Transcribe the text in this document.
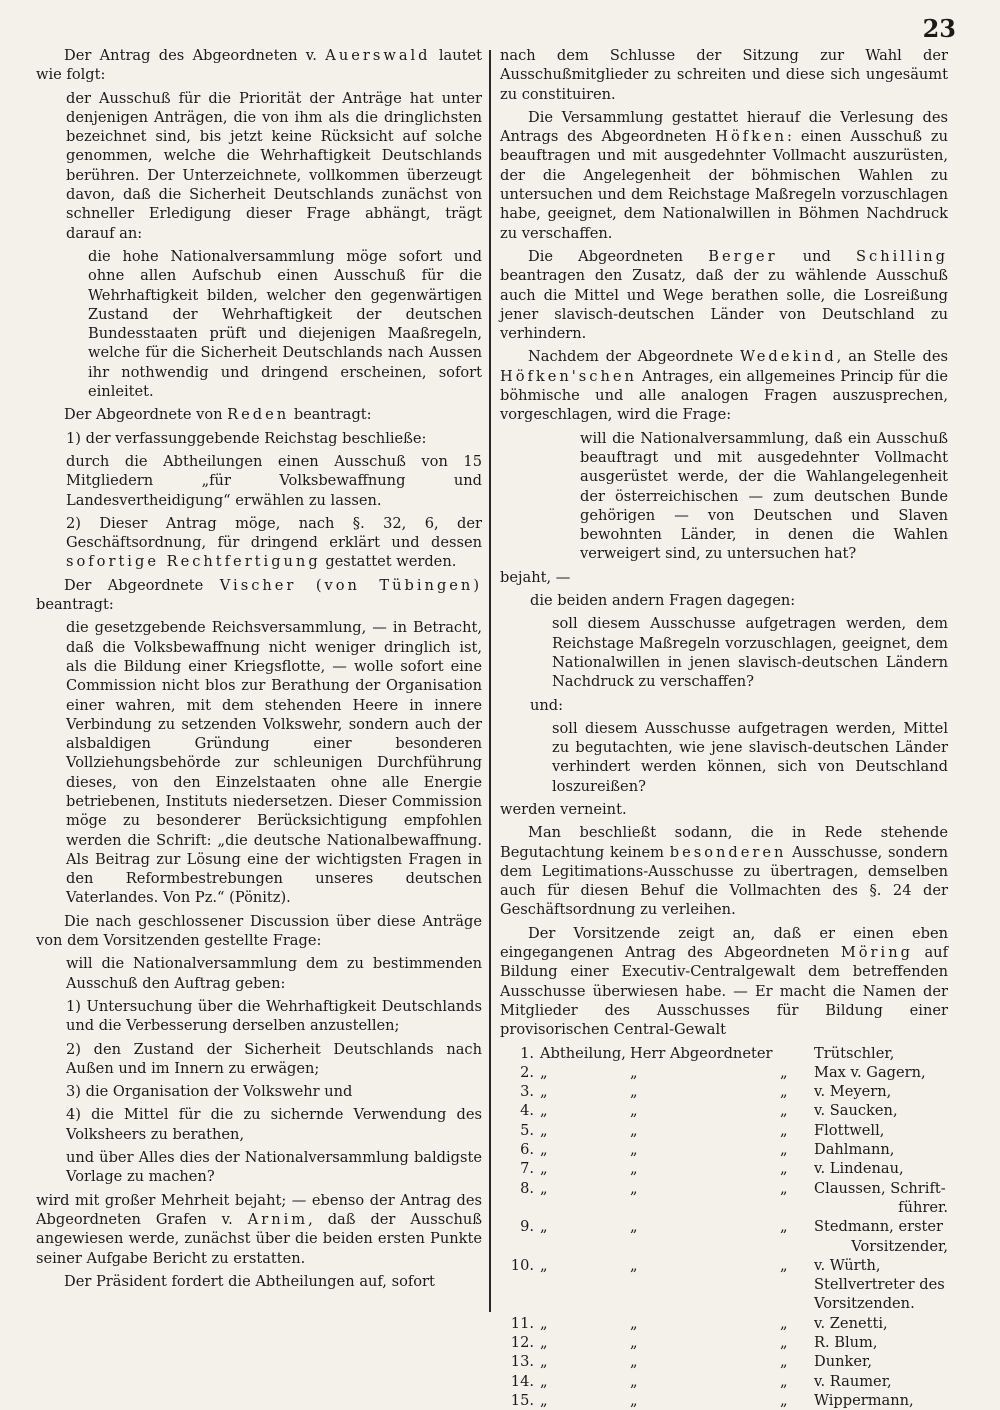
23

Der Antrag des Abgeordneten v. Auerswald lautet wie folgt:

der Ausschuß für die Priorität der Anträge hat unter denjenigen Anträgen, die von ihm als die dringlichsten bezeichnet sind, bis jetzt keine Rücksicht auf solche genommen, welche die Wehrhaftigkeit Deutschlands berühren. Der Unterzeichnete, vollkommen überzeugt davon, daß die Sicherheit Deutschlands zunächst von schneller Erledigung dieser Frage abhängt, trägt darauf an:

die hohe Nationalversammlung möge sofort und ohne allen Aufschub einen Ausschuß für die Wehrhaftigkeit bilden, welcher den gegenwärtigen Zustand der Wehrhaftigkeit der deutschen Bundesstaaten prüft und diejenigen Maaßregeln, welche für die Sicherheit Deutschlands nach Aussen ihr nothwendig und dringend erscheinen, sofort einleitet.

Der Abgeordnete von Reden beantragt:

1) der verfassunggebende Reichstag beschließe:

durch die Abtheilungen einen Ausschuß von 15 Mitgliedern „für Volksbewaffnung und Landesvertheidigung“ erwählen zu lassen.

2) Dieser Antrag möge, nach §. 32, 6, der Geschäftsordnung, für dringend erklärt und dessen sofortige Rechtfertigung gestattet werden.

Der Abgeordnete Vischer (von Tübingen) beantragt:

die gesetzgebende Reichsversammlung, — in Betracht, daß die Volksbewaffnung nicht weniger dringlich ist, als die Bildung einer Kriegsflotte, — wolle sofort eine Commission nicht blos zur Berathung der Organisation einer wahren, mit dem stehenden Heere in innere Verbindung zu setzenden Volkswehr, sondern auch der alsbaldigen Gründung einer besonderen Vollziehungsbehörde zur schleunigen Durchführung dieses, von den Einzelstaaten ohne alle Energie betriebenen, Instituts niedersetzen. Dieser Commission möge zu besonderer Berücksichtigung empfohlen werden die Schrift: „die deutsche Nationalbewaffnung. Als Beitrag zur Lösung eine der wichtigsten Fragen in den Reformbestrebungen unseres deutschen Vaterlandes. Von Pz.“ (Pönitz).

Die nach geschlossener Discussion über diese Anträge von dem Vorsitzenden gestellte Frage:

will die Nationalversammlung dem zu bestimmenden Ausschuß den Auftrag geben:

1) Untersuchung über die Wehrhaftigkeit Deutschlands und die Verbesserung derselben anzustellen;

2) den Zustand der Sicherheit Deutschlands nach Außen und im Innern zu erwägen;

3) die Organisation der Volkswehr und

4) die Mittel für die zu sichernde Verwendung des Volksheers zu berathen,

und über Alles dies der Nationalversammlung baldigste Vorlage zu machen?

wird mit großer Mehrheit bejaht; — ebenso der Antrag des Abgeordneten Grafen v. Arnim, daß der Ausschuß angewiesen werde, zunächst über die beiden ersten Punkte seiner Aufgabe Bericht zu erstatten.

Der Präsident fordert die Abtheilungen auf, sofort

nach dem Schlusse der Sitzung zur Wahl der Ausschußmitglieder zu schreiten und diese sich ungesäumt zu constituiren.

Die Versammlung gestattet hierauf die Verlesung des Antrags des Abgeordneten Höfken: einen Ausschuß zu beauftragen und mit ausgedehnter Vollmacht auszurüsten, der die Angelegenheit der böhmischen Wahlen zu untersuchen und dem Reichstage Maßregeln vorzuschlagen habe, geeignet, dem Nationalwillen in Böhmen Nachdruck zu verschaffen.

Die Abgeordneten Berger und Schilling beantragen den Zusatz, daß der zu wählende Ausschuß auch die Mittel und Wege berathen solle, die Losreißung jener slavisch-deutschen Länder von Deutschland zu verhindern.

Nachdem der Abgeordnete Wedekind, an Stelle des Höfken'schen Antrages, ein allgemeines Princip für die böhmische und alle analogen Fragen auszusprechen, vorgeschlagen, wird die Frage:

will die Nationalversammlung, daß ein Ausschuß beauftragt und mit ausgedehnter Vollmacht ausgerüstet werde, der die Wahlangelegenheit der österreichischen — zum deutschen Bunde gehörigen — von Deutschen und Slaven bewohnten Länder, in denen die Wahlen verweigert sind, zu untersuchen hat?

bejaht, —

die beiden andern Fragen dagegen:

soll diesem Ausschusse aufgetragen werden, dem Reichstage Maßregeln vorzuschlagen, geeignet, dem Nationalwillen in jenen slavisch-deutschen Ländern Nachdruck zu verschaffen?

und:

soll diesem Ausschusse aufgetragen werden, Mittel zu begutachten, wie jene slavisch-deutschen Länder verhindert werden können, sich von Deutschland loszureißen?

werden verneint.

Man beschließt sodann, die in Rede stehende Begutachtung keinem besonderen Ausschusse, sondern dem Legitimations-Ausschusse zu übertragen, demselben auch für diesen Behuf die Vollmachten des §. 24 der Geschäftsordnung zu verleihen.

Der Vorsitzende zeigt an, daß er einen eben eingegangenen Antrag des Abgeordneten Möring auf Bildung einer Executiv-Centralgewalt dem betreffenden Ausschusse überwiesen habe. — Er macht die Namen der Mitglieder des Ausschusses für Bildung einer provisorischen Central-Gewalt

1.	Abtheilung,	Herr Abgeordneter		Trütschler,
2.	„	„	„	Max v. Gagern,
3.	„	„	„	v. Meyern,
4.	„	„	„	v. Saucken,
5.	„	„	„	Flottwell,
6.	„	„	„	Dahlmann,
7.	„	„	„	v. Lindenau,
8.	„	„	„	Claussen, Schrift-
führer.

9.	„	„	„	Stedmann, erster
Vorsitzender,

10.	„	„	„	v. Würth, Stellvertreter des Vorsitzenden.
11.	„	„	„	v. Zenetti,
12.	„	„	„	R. Blum,
13.	„	„	„	Dunker,
14.	„	„	„	v. Raumer,
15.	„	„	„	Wippermann,
